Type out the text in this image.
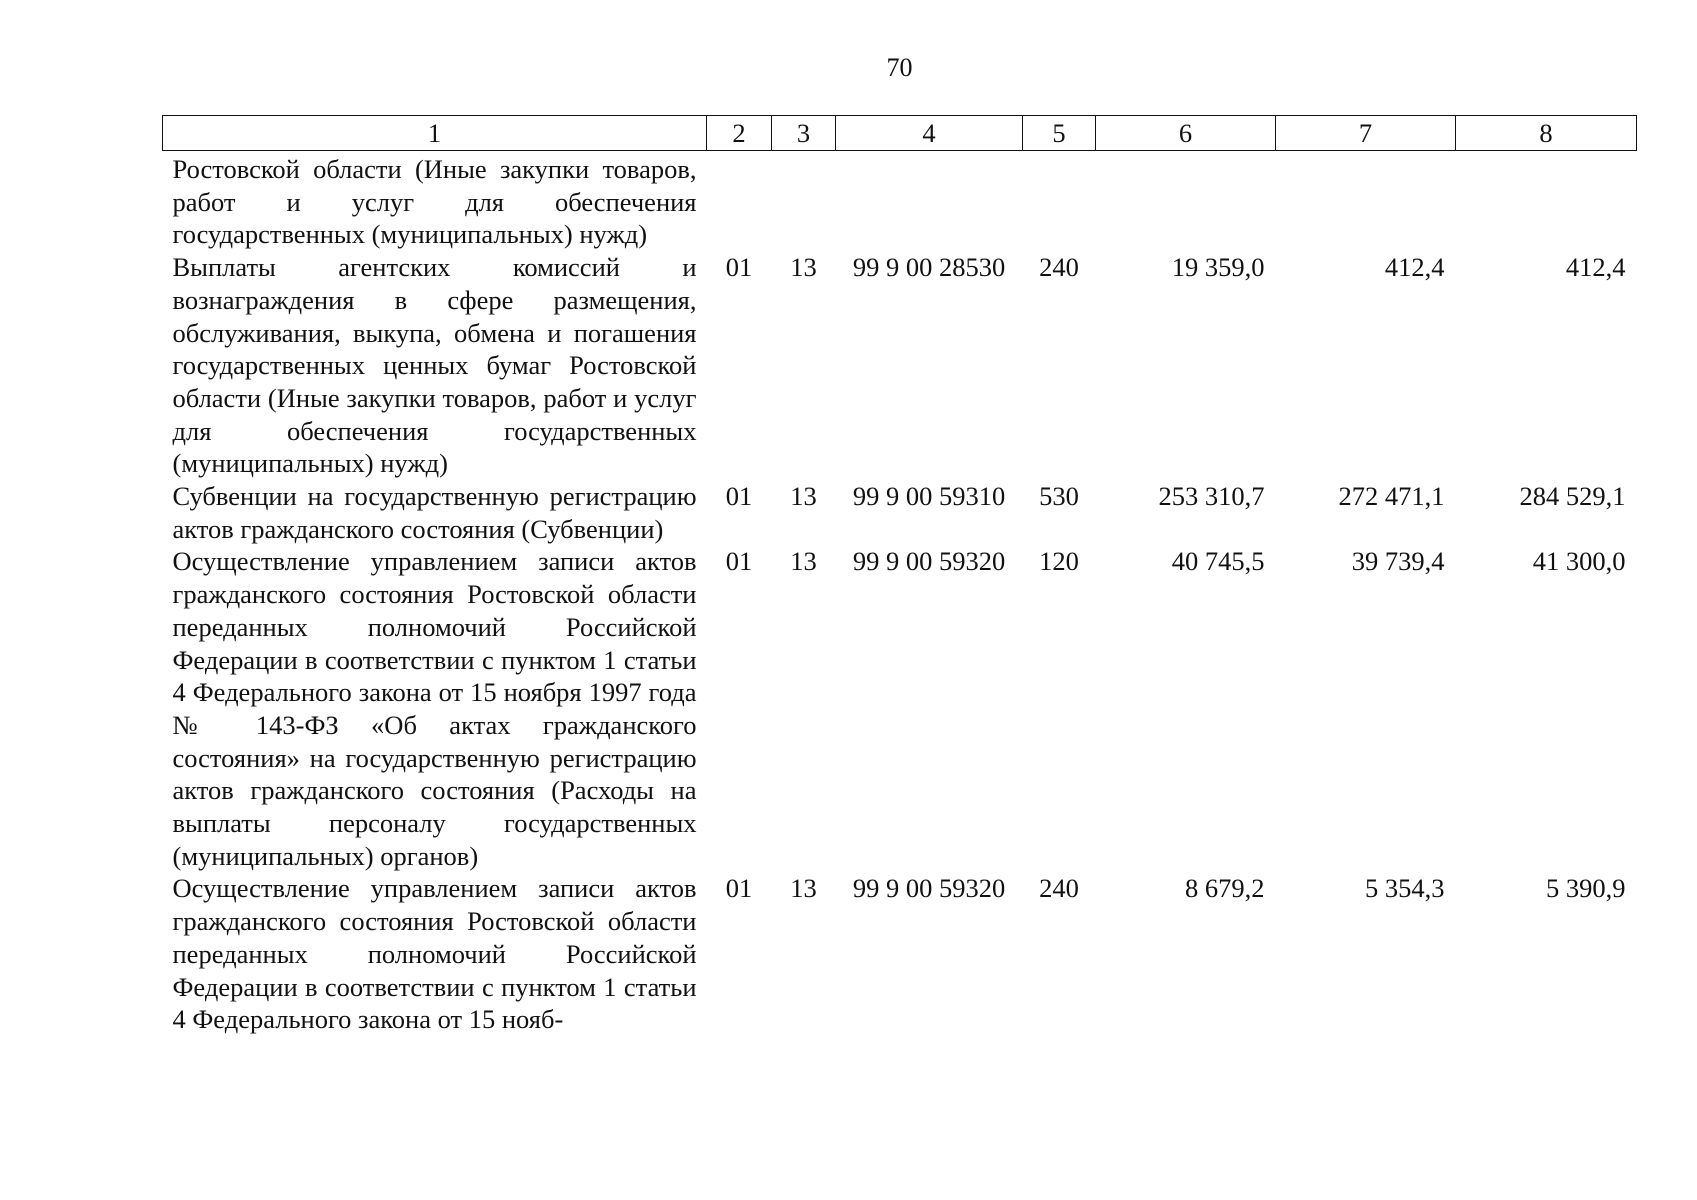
70
1	2	3	4	5	6	7	8
Ростовской области (Иные закупки товаров, работ и услуг для обеспечения государственных (муниципальных) нужд)							
Выплаты агентских комиссий и вознаграждения в сфере размещения, обслуживания, выкупа, обмена и погашения государственных ценных бумаг Ростовской области (Иные закупки товаров, работ и услуг для обеспечения государственных (муниципальных) нужд)	01	13	99 9 00 28530	240	19 359,0	412,4	412,4
Субвенции на государственную регистрацию актов гражданского состояния (Субвенции)	01	13	99 9 00 59310	530	253 310,7	272 471,1	284 529,1
Осуществление управлением записи актов гражданского состояния Ростовской области переданных полномочий Российской Федерации в соответствии с пунктом 1 статьи 4 Федерального закона от 15 ноября 1997 года № 143-ФЗ «Об актах гражданского состояния» на государственную регистрацию актов гражданского состояния (Расходы на выплаты персоналу государственных (муниципальных) органов)	01	13	99 9 00 59320	120	40 745,5	39 739,4	41 300,0
Осуществление управлением записи актов гражданского состояния Ростовской области переданных полномочий Российской Федерации в соответствии с пунктом 1 статьи 4 Федерального закона от 15 нояб-	01	13	99 9 00 59320	240	8 679,2	5 354,3	5 390,9
